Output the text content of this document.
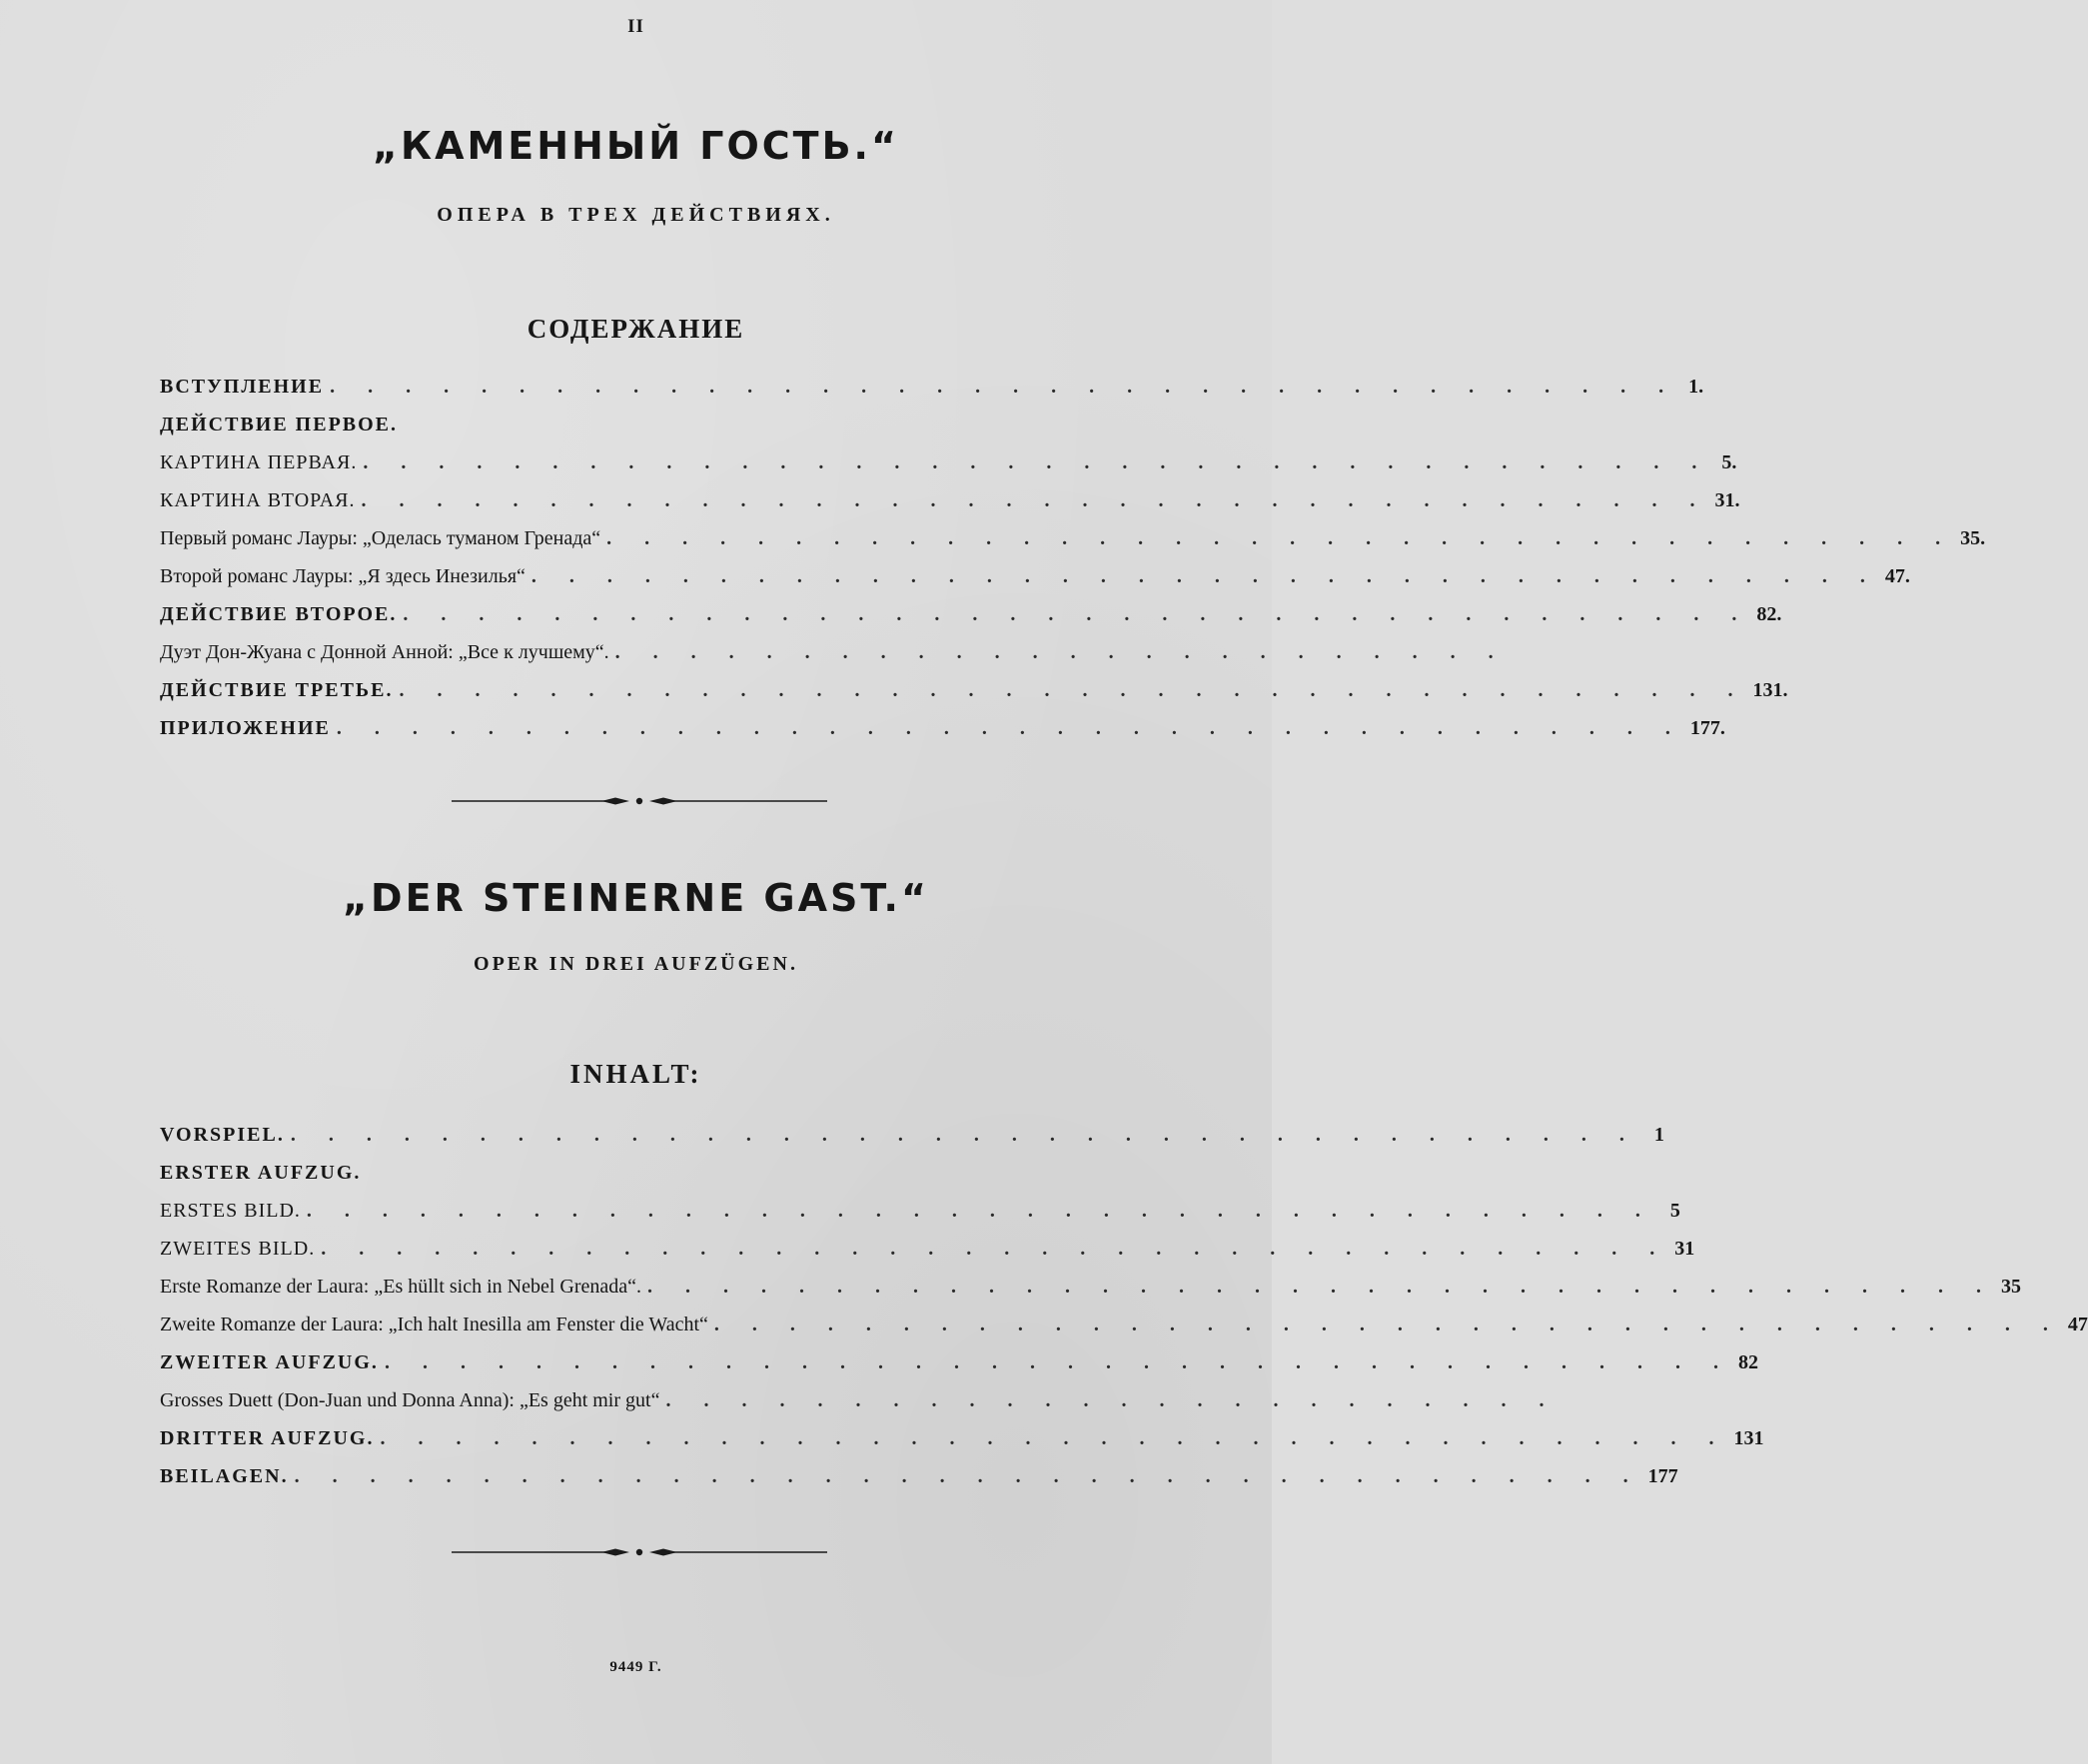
II
„КАМЕННЫЙ ГОСТЬ.“
ОПЕРА В ТРЕХ ДЕЙСТВИЯХ.
СОДЕРЖАНИЕ
ВСТУПЛЕНИЕ . . . . . . . . . . . . . . . . . . . . . . . . . . . . . . . . . . . . 1.
ДЕЙСТВИЕ ПЕРВОЕ.
КАРТИНА ПЕРВАЯ. . . . . . . . . . . . . . . . . . . . . . . . . . . . . . . . . . . . . 5.
КАРТИНА ВТОРАЯ. . . . . . . . . . . . . . . . . . . . . . . . . . . . . . . . . . . . . 31.
Первый романс Лауры: „Оделась туманом Гренада“ . . . . . . . . . . . . . . . . . . . . . . . . . . . . . . . . . . . . 35.
Второй романс Лауры: „Я здесь Инезилья“ . . . . . . . . . . . . . . . . . . . . . . . . . . . . . . . . . . . . 47.
ДЕЙСТВИЕ ВТОРОЕ. . . . . . . . . . . . . . . . . . . . . . . . . . . . . . . . . . . . . 82.
Дуэт Дон-Жуана с Донной Анной: „Все к лучшему“. . . . . . . . . . . . . . . . . . . . . . . . .
ДЕЙСТВИЕ ТРЕТЬЕ. . . . . . . . . . . . . . . . . . . . . . . . . . . . . . . . . . . . . 131.
ПРИЛОЖЕНИЕ . . . . . . . . . . . . . . . . . . . . . . . . . . . . . . . . . . . . 177.
„DER STEINERNE GAST.“
OPER IN DREI AUFZÜGEN.
INHALT:
VORSPIEL. . . . . . . . . . . . . . . . . . . . . . . . . . . . . . . . . . . . . 1
ERSTER AUFZUG.
ERSTES BILD. . . . . . . . . . . . . . . . . . . . . . . . . . . . . . . . . . . . . 5
ZWEITES BILD. . . . . . . . . . . . . . . . . . . . . . . . . . . . . . . . . . . . . 31
Erste Romanze der Laura: „Es hüllt sich in Nebel Grenada“. . . . . . . . . . . . . . . . . . . . . . . . . . . . . . . . . . . . . 35
Zweite Romanze der Laura: „Ich halt Inesilla am Fenster die Wacht“ . . . . . . . . . . . . . . . . . . . . . . . . . . . . . . . . . . . . 47
ZWEITER AUFZUG. . . . . . . . . . . . . . . . . . . . . . . . . . . . . . . . . . . . . 82
Grosses Duett (Don-Juan und Donna Anna): „Es geht mir gut“ . . . . . . . . . . . . . . . . . . . . . . . .
DRITTER AUFZUG. . . . . . . . . . . . . . . . . . . . . . . . . . . . . . . . . . . . . 131
BEILAGEN. . . . . . . . . . . . . . . . . . . . . . . . . . . . . . . . . . . . . 177
9449 Г.
